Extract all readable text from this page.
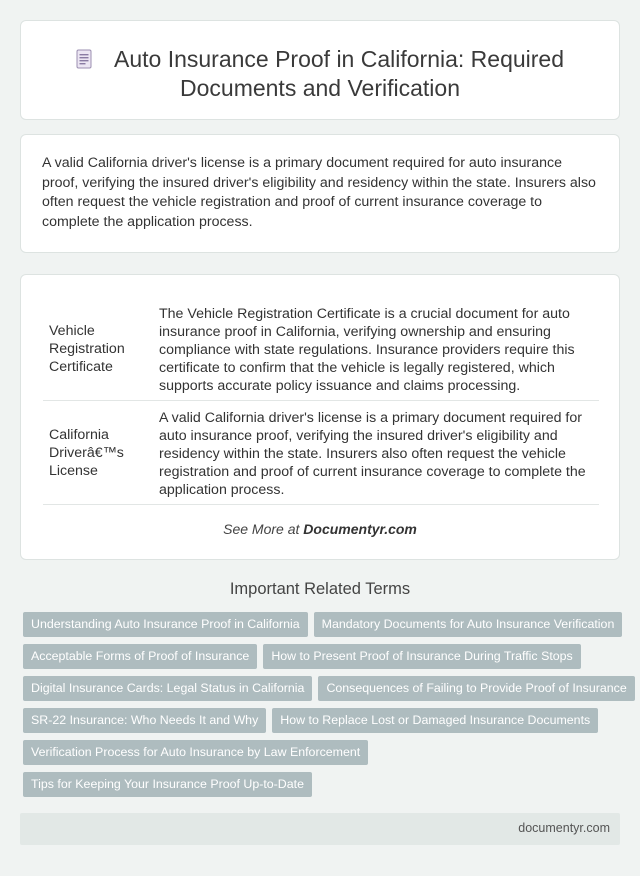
Auto Insurance Proof in California: Required Documents and Verification

A valid California driver's license is a primary document required for auto insurance proof, verifying the insured driver's eligibility and residency within the state. Insurers also often request the vehicle registration and proof of current insurance coverage to complete the application process.

Vehicle Registration Certificate	The Vehicle Registration Certificate is a crucial document for auto insurance proof in California, verifying ownership and ensuring compliance with state regulations. Insurance providers require this certificate to confirm that the vehicle is legally registered, which supports accurate policy issuance and claims processing.
California Driverâ€™s License	A valid California driver's license is a primary document required for auto insurance proof, verifying the insured driver's eligibility and residency within the state. Insurers also often request the vehicle registration and proof of current insurance coverage to complete the application process.
See More at Documentyr.com
Important Related Terms
Understanding Auto Insurance Proof in California Mandatory Documents for Auto Insurance Verification
Acceptable Forms of Proof of Insurance How to Present Proof of Insurance During Traffic Stops
Digital Insurance Cards: Legal Status in California Consequences of Failing to Provide Proof of Insurance
SR-22 Insurance: Who Needs It and Why How to Replace Lost or Damaged Insurance Documents
Verification Process for Auto Insurance by Law Enforcement
Tips for Keeping Your Insurance Proof Up-to-Date
documentyr.com
